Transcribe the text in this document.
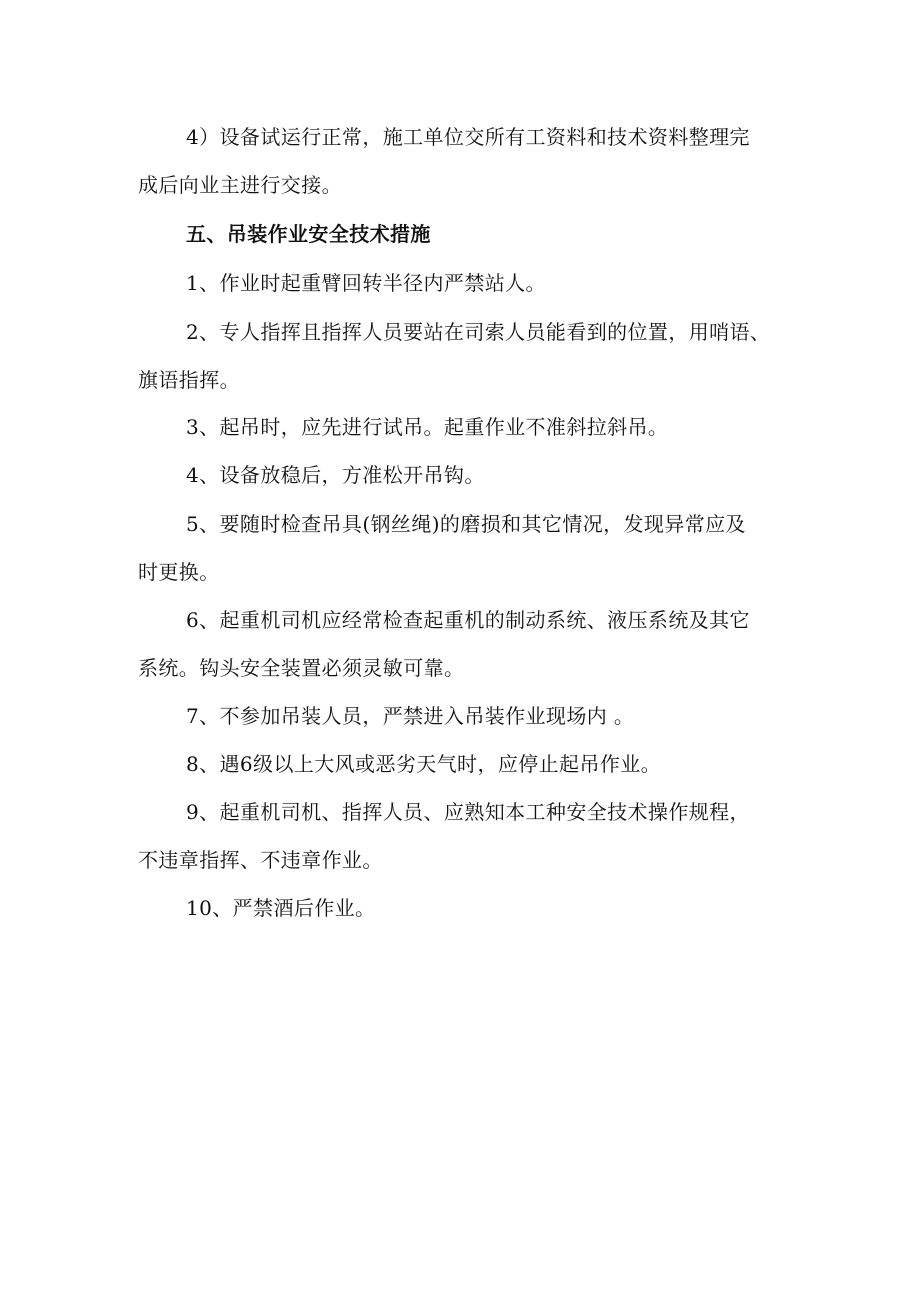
4）设备试运行正常，施工单位交所有工资料和技术资料整理完
成后向业主进行交接。
五、吊装作业安全技术措施
1、作业时起重臂回转半径内严禁站人。
2、专人指挥且指挥人员要站在司索人员能看到的位置，用哨语、
旗语指挥。
3、起吊时，应先进行试吊。起重作业不准斜拉斜吊。
4、设备放稳后，方准松开吊钩。
5、要随时检查吊具(钢丝绳)的磨损和其它情况，发现异常应及
时更换。
6、起重机司机应经常检查起重机的制动系统、液压系统及其它
系统。钩头安全装置必须灵敏可靠。
7、不参加吊装人员，严禁进入吊装作业现场内 。
8、遇6级以上大风或恶劣天气时，应停止起吊作业。
9、起重机司机、指挥人员、应熟知本工种安全技术操作规程，
不违章指挥、不违章作业。
10、严禁酒后作业。
